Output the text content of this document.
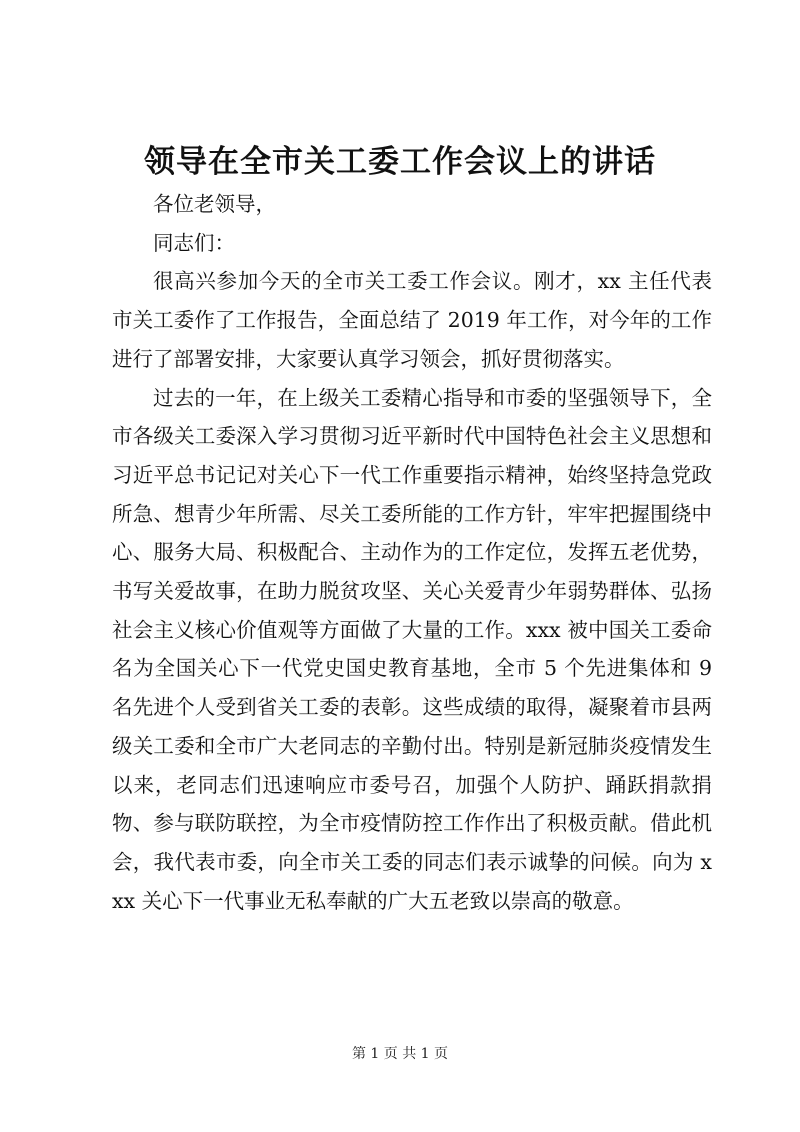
领导在全市关工委工作会议上的讲话

各位老领导，

同志们：

很高兴参加今天的全市关工委工作会议。刚才，xx 主任代表市关工委作了工作报告，全面总结了 2019 年工作，对今年的工作进行了部署安排，大家要认真学习领会，抓好贯彻落实。

过去的一年，在上级关工委精心指导和市委的坚强领导下，全市各级关工委深入学习贯彻习近平新时代中国特色社会主义思想和习近平总书记记对关心下一代工作重要指示精神，始终坚持急党政所急、想青少年所需、尽关工委所能的工作方针，牢牢把握围绕中心、服务大局、积极配合、主动作为的工作定位，发挥五老优势，书写关爱故事，在助力脱贫攻坚、关心关爱青少年弱势群体、弘扬社会主义核心价值观等方面做了大量的工作。xxx 被中国关工委命名为全国关心下一代党史国史教育基地，全市 5 个先进集体和 9 名先进个人受到省关工委的表彰。这些成绩的取得，凝聚着市县两级关工委和全市广大老同志的辛勤付出。特别是新冠肺炎疫情发生以来，老同志们迅速响应市委号召，加强个人防护、踊跃捐款捐物、参与联防联控，为全市疫情防控工作作出了积极贡献。借此机会，我代表市委，向全市关工委的同志们表示诚挚的问候。向为 xxx 关心下一代事业无私奉献的广大五老致以崇高的敬意。

第 1 页 共 1 页
